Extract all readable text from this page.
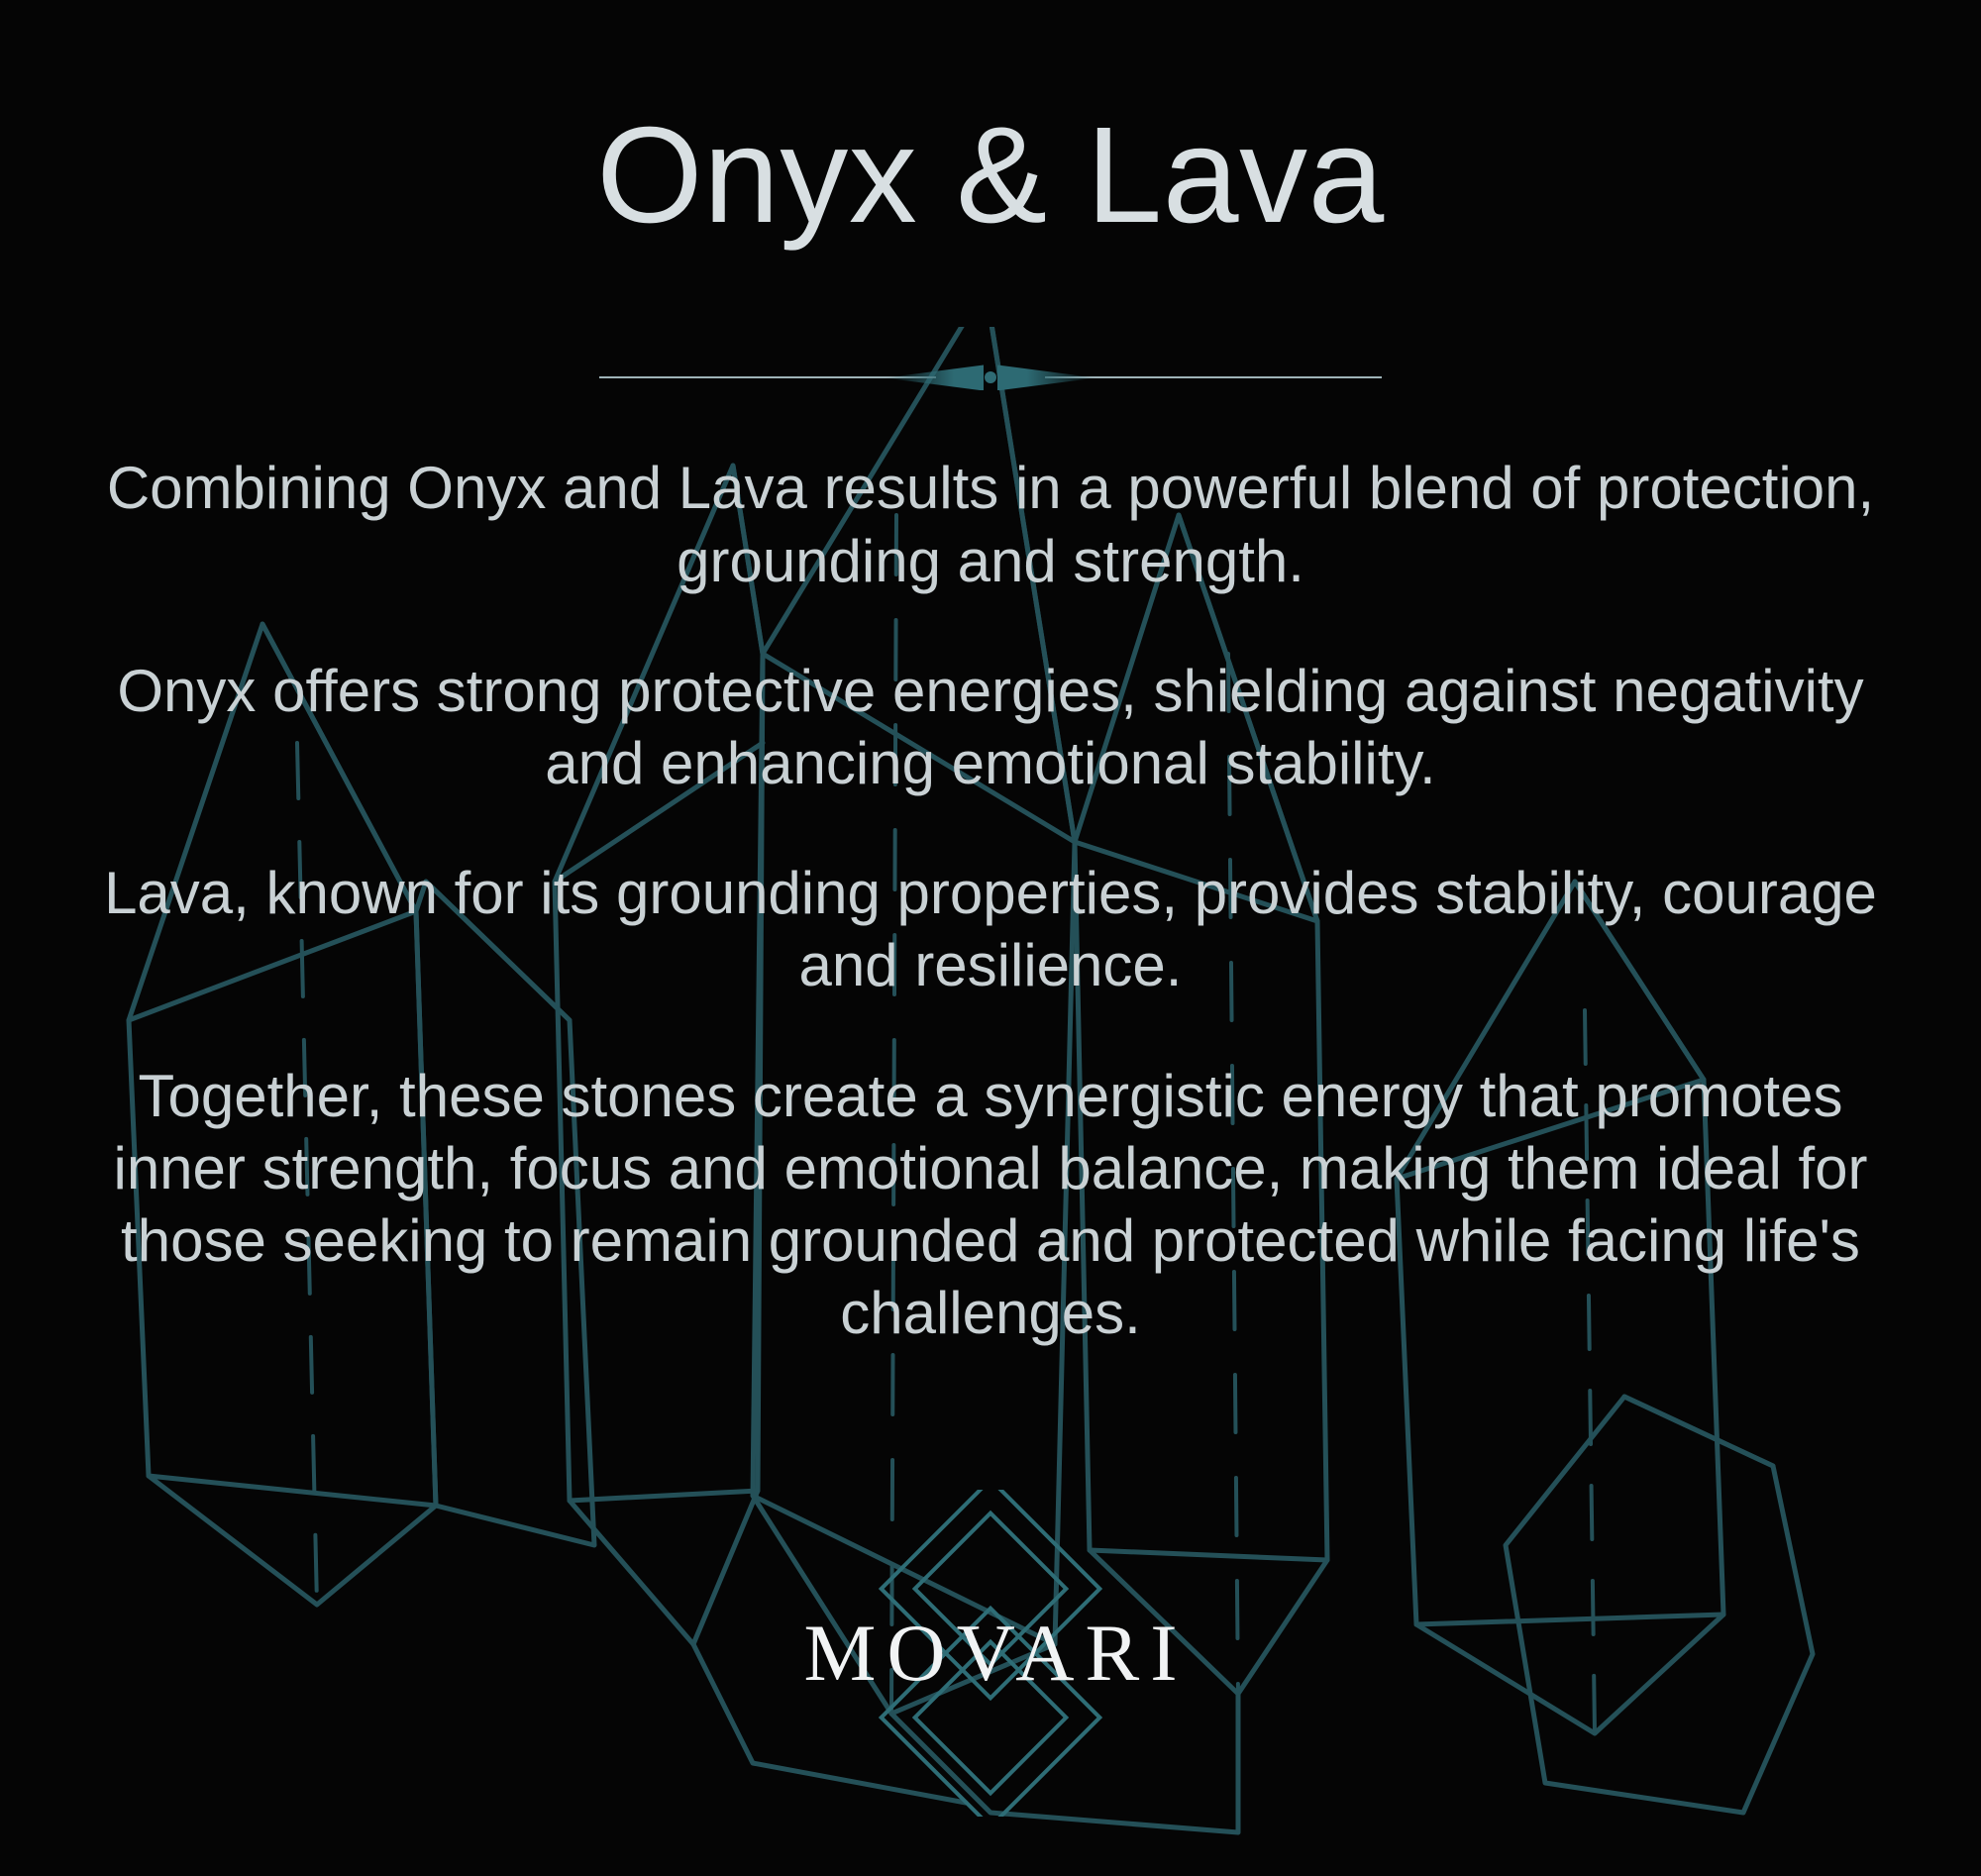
Onyx & Lava

Combining Onyx and Lava results in a powerful blend of protection, grounding and strength.

Onyx offers strong protective energies, shielding against negativity and enhancing emotional stability.

Lava, known for its grounding properties, provides stability, courage and resilience.

Together, these stones create a synergistic energy that promotes inner strength, focus and emotional balance, making them ideal for those seeking to remain grounded and protected while facing life's challenges.

MOVARI
